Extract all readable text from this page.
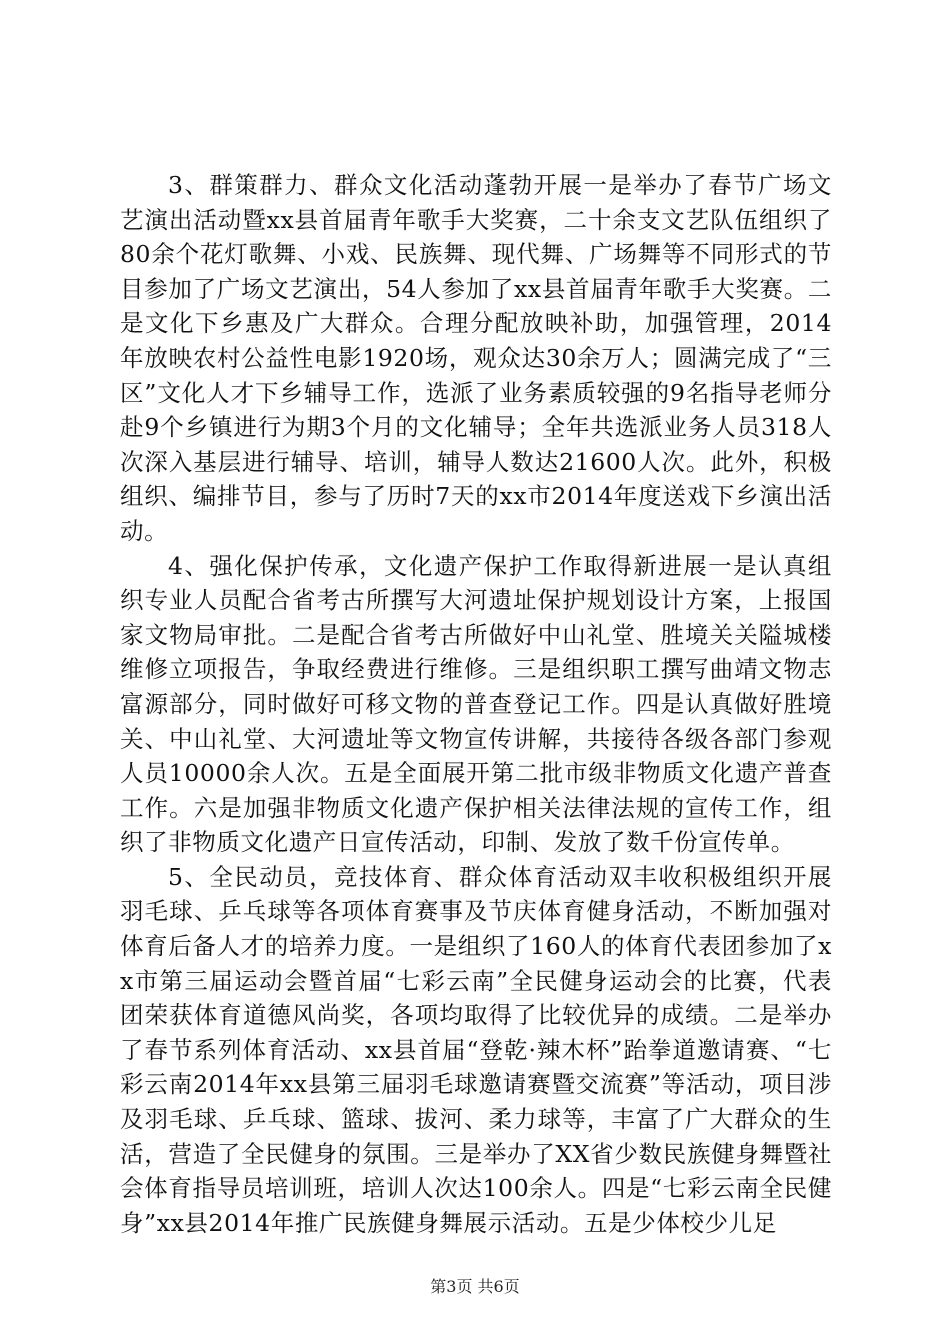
3、群策群力、群众文化活动蓬勃开展一是举办了春节广场文艺演出活动暨xx县首届青年歌手大奖赛，二十余支文艺队伍组织了80余个花灯歌舞、小戏、民族舞、现代舞、广场舞等不同形式的节目参加了广场文艺演出，54人参加了xx县首届青年歌手大奖赛。二是文化下乡惠及广大群众。合理分配放映补助，加强管理，2014年放映农村公益性电影1920场，观众达30余万人；圆满完成了“三区”文化人才下乡辅导工作，选派了业务素质较强的9名指导老师分赴9个乡镇进行为期3个月的文化辅导；全年共选派业务人员318人次深入基层进行辅导、培训，辅导人数达21600人次。此外，积极组织、编排节目，参与了历时7天的xx市2014年度送戏下乡演出活动。

4、强化保护传承，文化遗产保护工作取得新进展一是认真组织专业人员配合省考古所撰写大河遗址保护规划设计方案，上报国家文物局审批。二是配合省考古所做好中山礼堂、胜境关关隘城楼维修立项报告，争取经费进行维修。三是组织职工撰写曲靖文物志富源部分，同时做好可移文物的普查登记工作。四是认真做好胜境关、中山礼堂、大河遗址等文物宣传讲解，共接待各级各部门参观人员10000余人次。五是全面展开第二批市级非物质文化遗产普查工作。六是加强非物质文化遗产保护相关法律法规的宣传工作，组织了非物质文化遗产日宣传活动，印制、发放了数千份宣传单。

5、全民动员，竞技体育、群众体育活动双丰收积极组织开展羽毛球、乒乓球等各项体育赛事及节庆体育健身活动，不断加强对体育后备人才的培养力度。一是组织了160人的体育代表团参加了xx市第三届运动会暨首届“七彩云南”全民健身运动会的比赛，代表团荣获体育道德风尚奖，各项均取得了比较优异的成绩。二是举办了春节系列体育活动、xx县首届“登乾·辣木杯”跆拳道邀请赛、“七彩云南2014年xx县第三届羽毛球邀请赛暨交流赛”等活动，项目涉及羽毛球、乒乓球、篮球、拔河、柔力球等，丰富了广大群众的生活，营造了全民健身的氛围。三是举办了XX省少数民族健身舞暨社会体育指导员培训班，培训人次达100余人。四是“七彩云南全民健身”xx县2014年推广民族健身舞展示活动。五是少体校少儿足

第3页 共6页
